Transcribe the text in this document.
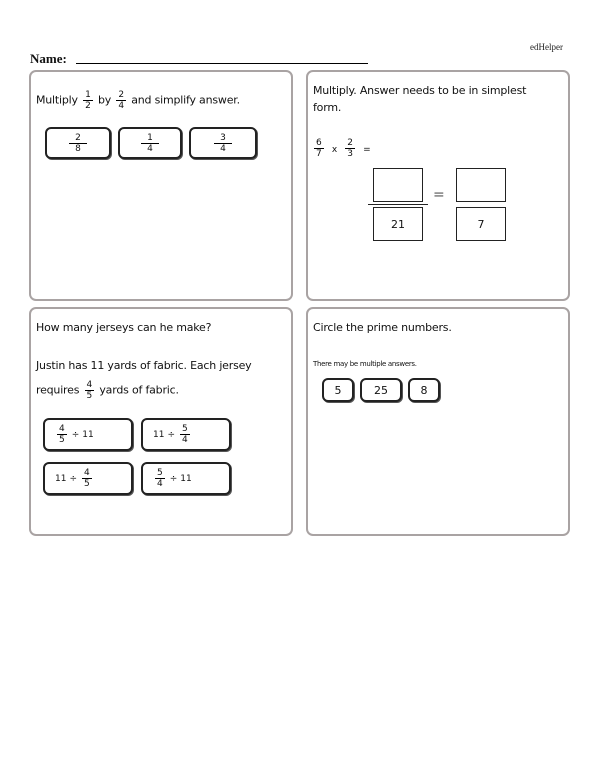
edHelper
Name:
Multiply $\frac{1}{2}$ by $\frac{2}{4}$ and simplify answer.
$\frac{2}{8}$	$\frac{1}{4}$	$\frac{3}{4}$
Multiply. Answer needs to be in simplest
form.
$\frac{6}{7}$ x $\frac{2}{3}$ =
21
=
7
How many jerseys can he make?
Justin has 11 yards of fabric. Each jersey
requires $\frac{4}{5}$ yards of fabric.
$\frac{4}{5} \div 11$	$11 \div \frac{5}{4}$
$11 \div \frac{4}{5}$	$\frac{5}{4} \div 11$
Circle the prime numbers.
There may be multiple answers.
5	25	8
